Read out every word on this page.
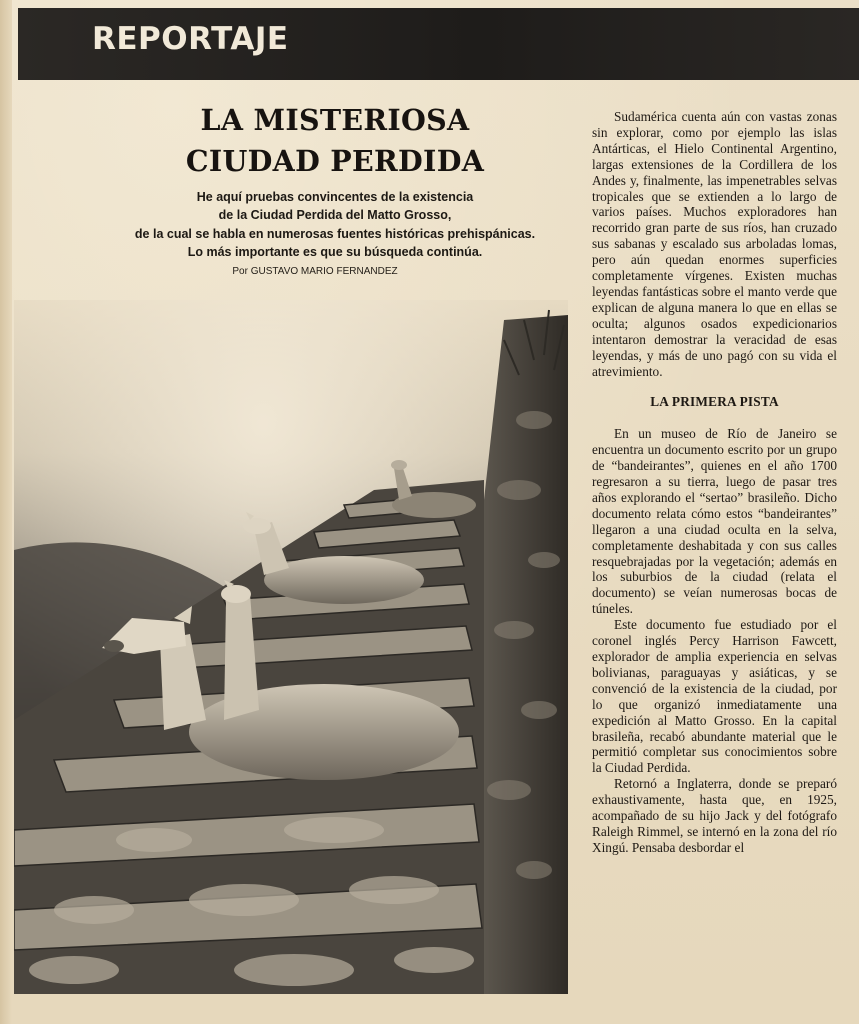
REPORTAJE
LA MISTERIOSA
CIUDAD PERDIDA
He aquí pruebas convincentes de la existencia
de la Ciudad Perdida del Matto Grosso,
de la cual se habla en numerosas fuentes históricas prehispánicas.
Lo más importante es que su búsqueda continúa.
Por GUSTAVO MARIO FERNANDEZ

Sudamérica cuenta aún con vastas zonas sin explorar, como por ejemplo las islas Antárticas, el Hielo Continental Argentino, largas extensiones de la Cordillera de los Andes y, finalmente, las impenetrables selvas tropicales que se extienden a lo largo de varios países. Muchos exploradores han recorrido gran parte de sus ríos, han cruzado sus sabanas y escalado sus arboladas lomas, pero aún quedan enormes superficies completamente vírgenes. Existen muchas leyendas fantásticas sobre el manto verde que explican de alguna manera lo que en ellas se oculta; algunos osados expedicionarios intentaron demostrar la veracidad de esas leyendas, y más de uno pagó con su vida el atrevimiento.

LA PRIMERA PISTA

En un museo de Río de Janeiro se encuentra un documento escrito por un grupo de “bandeirantes”, quienes en el año 1700 regresaron a su tierra, luego de pasar tres años explorando el “sertao” brasileño. Dicho documento relata cómo estos “bandeirantes” llegaron a una ciudad oculta en la selva, completamente deshabitada y con sus calles resquebrajadas por la vegetación; además en los suburbios de la ciudad (relata el documento) se veían numerosas bocas de túneles.

Este documento fue estudiado por el coronel inglés Percy Harrison Fawcett, explorador de amplia experiencia en selvas bolivianas, paraguayas y asiáticas, y se convenció de la existencia de la ciudad, por lo que organizó inmediatamente una expedición al Matto Grosso. En la capital brasileña, recabó abundante material que le permitió completar sus conocimientos sobre la Ciudad Perdida.

Retornó a Inglaterra, donde se preparó exhaustivamente, hasta que, en 1925, acompañado de su hijo Jack y del fotógrafo Raleigh Rimmel, se internó en la zona del río Xingú. Pensaba desbordar el
